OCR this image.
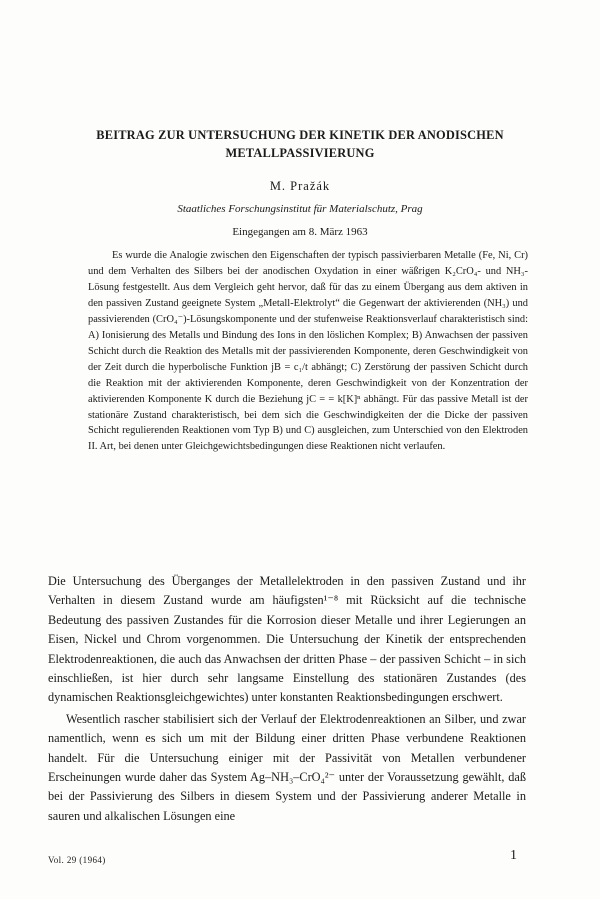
BEITRAG ZUR UNTERSUCHUNG DER KINETIK DER ANODISCHEN
METALLPASSIVIERUNG
M. Pražák
Staatliches Forschungsinstitut für Materialschutz, Prag
Eingegangen am 8. März 1963
Es wurde die Analogie zwischen den Eigenschaften der typisch passivierbaren Metalle (Fe, Ni, Cr) und dem Verhalten des Silbers bei der anodischen Oxydation in einer wäßrigen K₂CrO₄- und NH₃-Lösung festgestellt. Aus dem Vergleich geht hervor, daß für das zu einem Übergang aus dem aktiven in den passiven Zustand geeignete System „Metall-Elektrolyt“ die Gegenwart der aktivierenden (NH₃) und passivierenden (CrO₄⁻)-Lösungskomponente und der stufenweise Reaktionsverlauf charakteristisch sind: A) Ionisierung des Metalls und Bindung des Ions in den löslichen Komplex; B) Anwachsen der passiven Schicht durch die Reaktion des Metalls mit der passivierenden Komponente, deren Geschwindigkeit von der Zeit durch die hyperbolische Funktion jB = c₁/t abhängt; C) Zerstörung der passiven Schicht durch die Reaktion mit der aktivierenden Komponente, deren Geschwindigkeit von der Konzentration der aktivierenden Komponente K durch die Beziehung jC = = k[K]ⁿ abhängt. Für das passive Metall ist der stationäre Zustand charakteristisch, bei dem sich die Geschwindigkeiten der die Dicke der passiven Schicht regulierenden Reaktionen vom Typ B) und C) ausgleichen, zum Unterschied von den Elektroden II. Art, bei denen unter Gleichgewichtsbedingungen diese Reaktionen nicht verlaufen.

Die Untersuchung des Überganges der Metallelektroden in den passiven Zustand und ihr Verhalten in diesem Zustand wurde am häufigsten¹⁻⁸ mit Rücksicht auf die technische Bedeutung des passiven Zustandes für die Korrosion dieser Metalle und ihrer Legierungen an Eisen, Nickel und Chrom vorgenommen. Die Untersuchung der Kinetik der entsprechenden Elektrodenreaktionen, die auch das Anwachsen der dritten Phase – der passiven Schicht – in sich einschließen, ist hier durch sehr langsame Einstellung des stationären Zustandes (des dynamischen Reaktionsgleichgewichtes) unter konstanten Reaktionsbedingungen erschwert.

Wesentlich rascher stabilisiert sich der Verlauf der Elektrodenreaktionen an Silber, und zwar namentlich, wenn es sich um mit der Bildung einer dritten Phase verbundene Reaktionen handelt. Für die Untersuchung einiger mit der Passivität von Metallen verbundener Erscheinungen wurde daher das System Ag–NH₃–CrO₄²⁻ unter der Voraussetzung gewählt, daß bei der Passivierung des Silbers in diesem System und der Passivierung anderer Metalle in sauren und alkalischen Lösungen eine

Vol. 29 (1964)	1
